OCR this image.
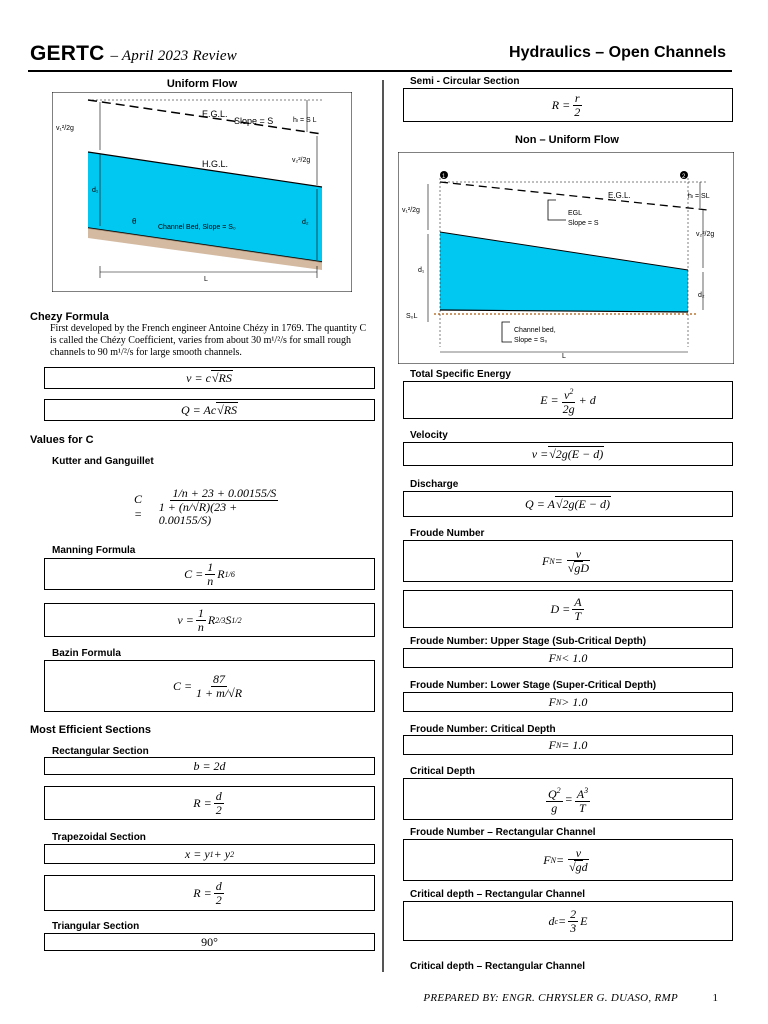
GERTC – April 2023 Review	Hydraulics – Open Channels
Uniform Flow
E.G.L.
Slope = S	hₗ = S L
v₁²/2g
v₂²/2g
H.G.L.
d₁
d₂
θ
Channel Bed, Slope = S₀
L
Chezy Formula
First developed by the French engineer Antoine Chézy in 1769. The quantity C is called the Chézy Coefficient, varies from about 30 m¹/²/s for small rough channels to 90 m¹/²/s for large smooth channels.
v = c √RS
Q = Ac √RS
Values for C
Kutter and Ganguillet
$C = \frac{1/n + 23 + 0.00155/S}{1 + (n/√R)(23 + 0.00155/S)}$
Manning Formula
$C = \frac{1}{n}$ R 1/6
$v = \frac{1}{n}$ R 2/3 S 1/2
Bazin Formula
$C = \frac{87}{1 + m/√R}$
Most Efficient Sections
Rectangular Section
b = 2d
$R = \frac{d}{2}$
Trapezoidal Section
x = y 1 + y 2
$R = \frac{d}{2}$
Triangular Section
90°
Semi - Circular Section
$R = \frac{r}{2}$
Non – Uniform Flow
1	2
E.G.L.	hₗ = SL
v₁²/2g	EGL
Slope = S
v₂²/2g
d₁
d₂
S₀L
Channel bed,
Slope = S₀
L
Total Specific Energy
$E = \frac{v^2}{2g} + d$
Velocity
v = √2g(E − d)
Discharge
Q = A √2g(E − d)
Froude Number
F $N = \frac{v}{√gD}$
$D = \frac{A}{T}$
Froude Number: Upper Stage (Sub-Critical Depth)
F N < 1.0
Froude Number: Lower Stage (Super-Critical Depth)
F N > 1.0
Froude Number: Critical Depth
F N = 1.0
Critical Depth
$\frac{Q^2}{g} = \frac{A^3}{T}$
Froude Number – Rectangular Channel
F $N = \frac{v}{√gd}$
Critical depth – Rectangular Channel
d $c = \frac{2}{3}$ E
Critical depth – Rectangular Channel
PREPARED BY: ENGR. CHRYSLER G. DUASO, RMP	1
